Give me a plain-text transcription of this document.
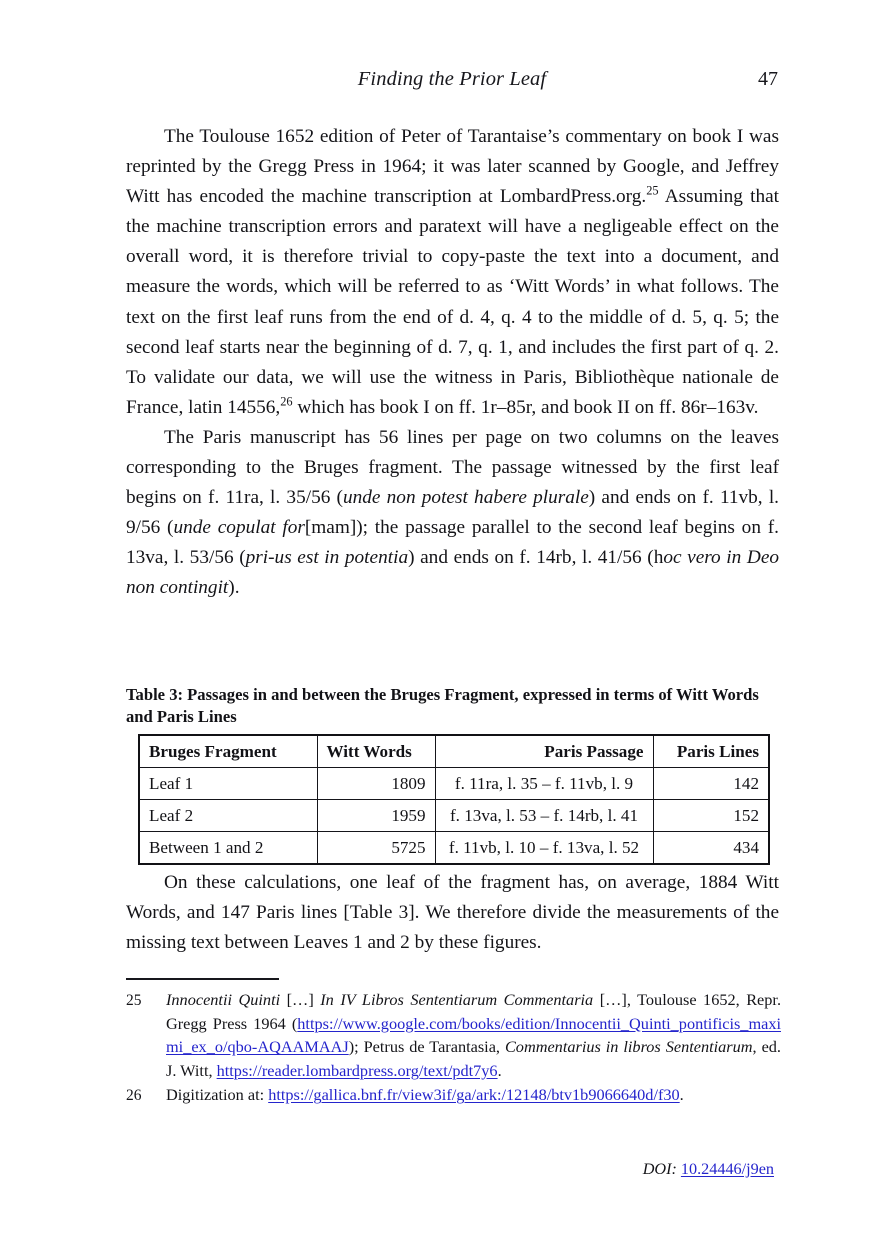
Finding the Prior Leaf	47

The Toulouse 1652 edition of Peter of Tarantaise’s commentary on book I was reprinted by the Gregg Press in 1964; it was later scanned by Google, and Jeffrey Witt has encoded the machine transcription at LombardPress.org.$^{25}$ Assuming that the machine transcription errors and paratext will have a negligeable effect on the overall word, it is therefore trivial to copy-paste the text into a document, and measure the words, which will be referred to as ‘Witt Words’ in what follows. The text on the first leaf runs from the end of d. 4, q. 4 to the middle of d. 5, q. 5; the second leaf starts near the beginning of d. 7, q. 1, and includes the first part of q. 2. To validate our data, we will use the witness in Paris, Bibliothèque nationale de France, latin 14556,26 which has book I on ff. 1r–85r, and book II on ff. 86r–163v.

The Paris manuscript has 56 lines per page on two columns on the leaves corresponding to the Bruges fragment. The passage witnessed by the first leaf begins on f. 11ra, l. 35/56 (unde non potest habere plurale) and ends on f. 11vb, l. 9/56 (unde copulat for[mam]); the passage parallel to the second leaf begins on f. 13va, l. 53/56 (pri-us est in potentia) and ends on f. 14rb, l. 41/56 (hoc vero in Deo non contingit).

Table 3: Passages in and between the Bruges Fragment, expressed in terms of Witt Words and Paris Lines
Bruges Fragment	Witt Words	Paris Passage	Paris Lines
Leaf 1	1809	f. 11ra, l. 35 – f. 11vb, l. 9	142
Leaf 2	1959	f. 13va, l. 53 – f. 14rb, l. 41	152
Between 1 and 2	5725	f. 11vb, l. 10 – f. 13va, l. 52	434

On these calculations, one leaf of the fragment has, on average, 1884 Witt Words, and 147 Paris lines [Table 3]. We therefore divide the measurements of the missing text between Leaves 1 and 2 by these figures.

25	Innocentii Quinti […] In IV Libros Sententiarum Commentaria […], Toulouse 1652, Repr. Gregg Press 1964 (https://www.google.com/books/edition/Innocentii_Quinti_pontificis_maximi_ex_o/qbo-AQAAMAAJ); Petrus de Tarantasia, Commentarius in libros Sententiarum, ed. J. Witt, https://reader.lombardpress.org/text/pdt7y6.
26	Digitization at: https://gallica.bnf.fr/view3if/ga/ark:/12148/btv1b9066640d/f30.
DOI: 10.24446/j9en
